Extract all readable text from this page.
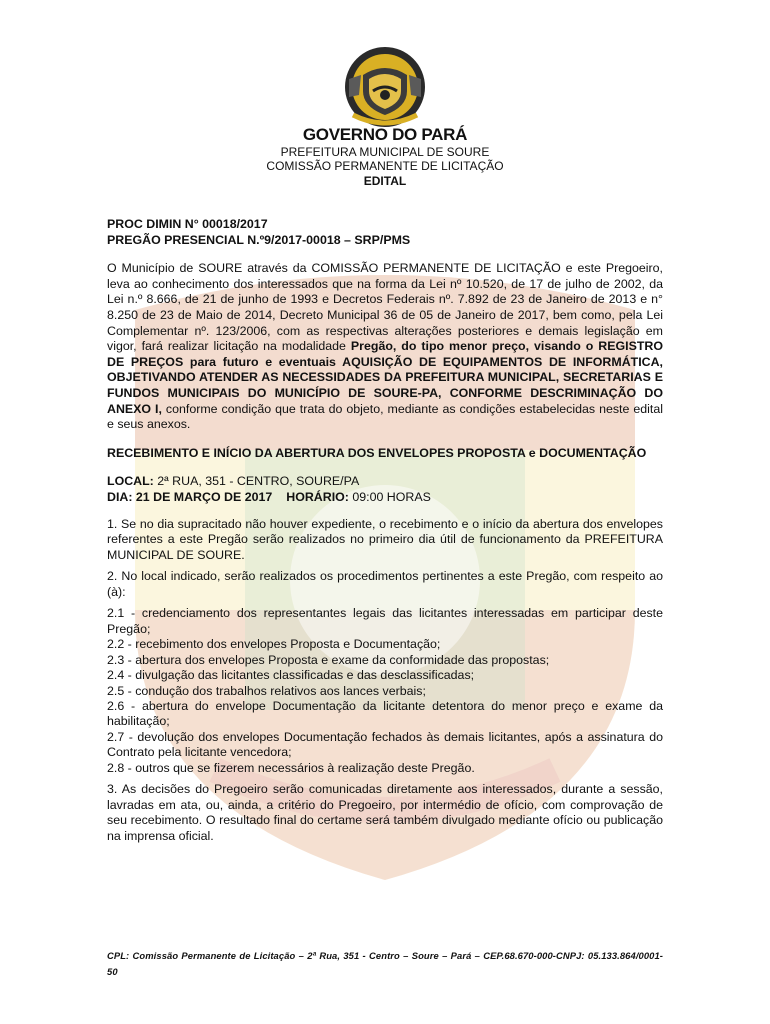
GOVERNO DO PARÁ

PREFEITURA MUNICIPAL DE SOURE

COMISSÃO PERMANENTE DE LICITAÇÃO

EDITAL

PROC DIMIN N° 00018/2017

PREGÃO PRESENCIAL N.º9/2017-00018 – SRP/PMS

O Município de SOURE através da COMISSÃO PERMANENTE DE LICITAÇÃO e este Pregoeiro, leva ao conhecimento dos interessados que na forma da Lei nº 10.520, de 17 de julho de 2002, da Lei n.º 8.666, de 21 de junho de 1993 e Decretos Federais nº. 7.892 de 23 de Janeiro de 2013 e n° 8.250 de 23 de Maio de 2014, Decreto Municipal 36 de 05 de Janeiro de 2017, bem como, pela Lei Complementar nº. 123/2006, com as respectivas alterações posteriores e demais legislação em vigor, fará realizar licitação na modalidade Pregão, do tipo menor preço, visando o REGISTRO DE PREÇOS para futuro e eventuais AQUISIÇÃO DE EQUIPAMENTOS DE INFORMÁTICA, OBJETIVANDO ATENDER AS NECESSIDADES DA PREFEITURA MUNICIPAL, SECRETARIAS E FUNDOS MUNICIPAIS DO MUNICÍPIO DE SOURE-PA, CONFORME DESCRIMINAÇÃO DO ANEXO I, conforme condição que trata do objeto, mediante as condições estabelecidas neste edital e seus anexos.

RECEBIMENTO E INÍCIO DA ABERTURA DOS ENVELOPES PROPOSTA e DOCUMENTAÇÃO

LOCAL: 2ª RUA, 351 - CENTRO, SOURE/PA

DIA: 21 DE MARÇO DE 2017 HORÁRIO: 09:00 HORAS

1. Se no dia supracitado não houver expediente, o recebimento e o início da abertura dos envelopes referentes a este Pregão serão realizados no primeiro dia útil de funcionamento da PREFEITURA MUNICIPAL DE SOURE.

2. No local indicado, serão realizados os procedimentos pertinentes a este Pregão, com respeito ao (à):

2.1 - credenciamento dos representantes legais das licitantes interessadas em participar deste Pregão;

2.2 - recebimento dos envelopes Proposta e Documentação;

2.3 - abertura dos envelopes Proposta e exame da conformidade das propostas;

2.4 - divulgação das licitantes classificadas e das desclassificadas;

2.5 - condução dos trabalhos relativos aos lances verbais;

2.6 - abertura do envelope Documentação da licitante detentora do menor preço e exame da habilitação;

2.7 - devolução dos envelopes Documentação fechados às demais licitantes, após a assinatura do Contrato pela licitante vencedora;

2.8 - outros que se fizerem necessários à realização deste Pregão.

3. As decisões do Pregoeiro serão comunicadas diretamente aos interessados, durante a sessão, lavradas em ata, ou, ainda, a critério do Pregoeiro, por intermédio de ofício, com comprovação de seu recebimento. O resultado final do certame será também divulgado mediante ofício ou publicação na imprensa oficial.

CPL: Comissão Permanente de Licitação – 2ª Rua, 351 - Centro – Soure – Pará – CEP.68.670-000-CNPJ: 05.133.864/0001-50
